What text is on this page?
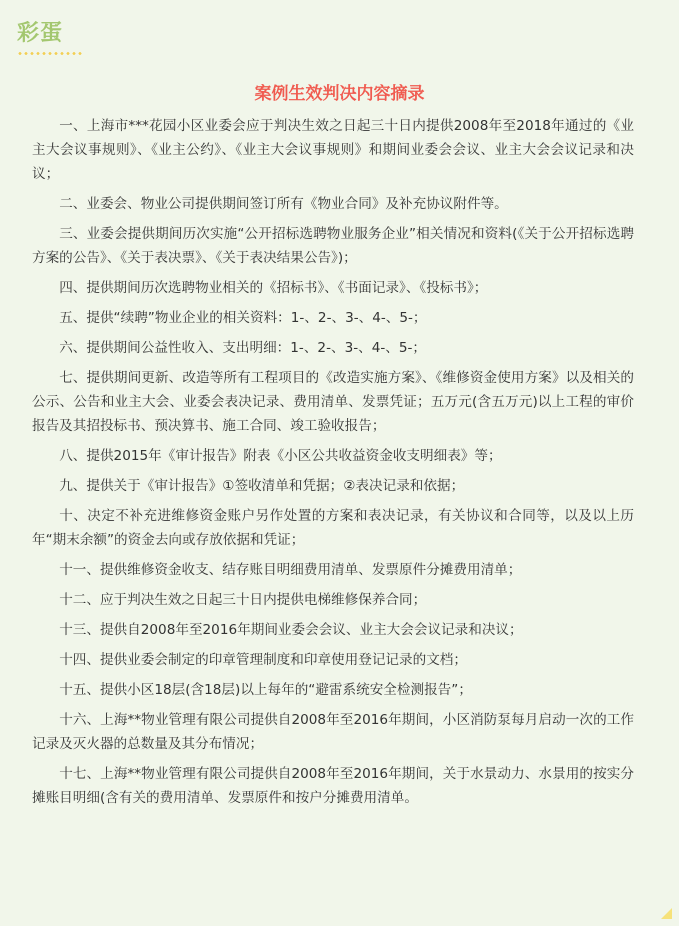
彩蛋
案例生效判决内容摘录

一、上海市***花园小区业委会应于判决生效之日起三十日内提供2008年至2018年通过的《业主大会议事规则》、《业主公约》、《业主大会议事规则》和期间业委会会议、业主大会会议记录和决议；

二、业委会、物业公司提供期间签订所有《物业合同》及补充协议附件等。

三、业委会提供期间历次实施“公开招标选聘物业服务企业”相关情况和资料(《关于公开招标选聘方案的公告》、《关于表决票》、《关于表决结果公告》)；

四、提供期间历次选聘物业相关的《招标书》、《书面记录》、《投标书》；

五、提供“续聘”物业企业的相关资料：1-、2-、3-、4-、5-；

六、提供期间公益性收入、支出明细：1-、2-、3-、4-、5-；

七、提供期间更新、改造等所有工程项目的《改造实施方案》、《维修资金使用方案》以及相关的公示、公告和业主大会、业委会表决记录、费用清单、发票凭证；五万元(含五万元)以上工程的审价报告及其招投标书、预决算书、施工合同、竣工验收报告；

八、提供2015年《审计报告》附表《小区公共收益资金收支明细表》等；

九、提供关于《审计报告》①签收清单和凭据；②表决记录和依据；

十、决定不补充进维修资金账户另作处置的方案和表决记录，有关协议和合同等，以及以上历年“期末余额”的资金去向或存放依据和凭证；

十一、提供维修资金收支、结存账目明细费用清单、发票原件分摊费用清单；

十二、应于判决生效之日起三十日内提供电梯维修保养合同；

十三、提供自2008年至2016年期间业委会会议、业主大会会议记录和决议；

十四、提供业委会制定的印章管理制度和印章使用登记记录的文档；

十五、提供小区18层(含18层)以上每年的“避雷系统安全检测报告”；

十六、上海**物业管理有限公司提供自2008年至2016年期间，小区消防泵每月启动一次的工作记录及灭火器的总数量及其分布情况；

十七、上海**物业管理有限公司提供自2008年至2016年期间，关于水景动力、水景用的按实分摊账目明细(含有关的费用清单、发票原件和按户分摊费用清单。
